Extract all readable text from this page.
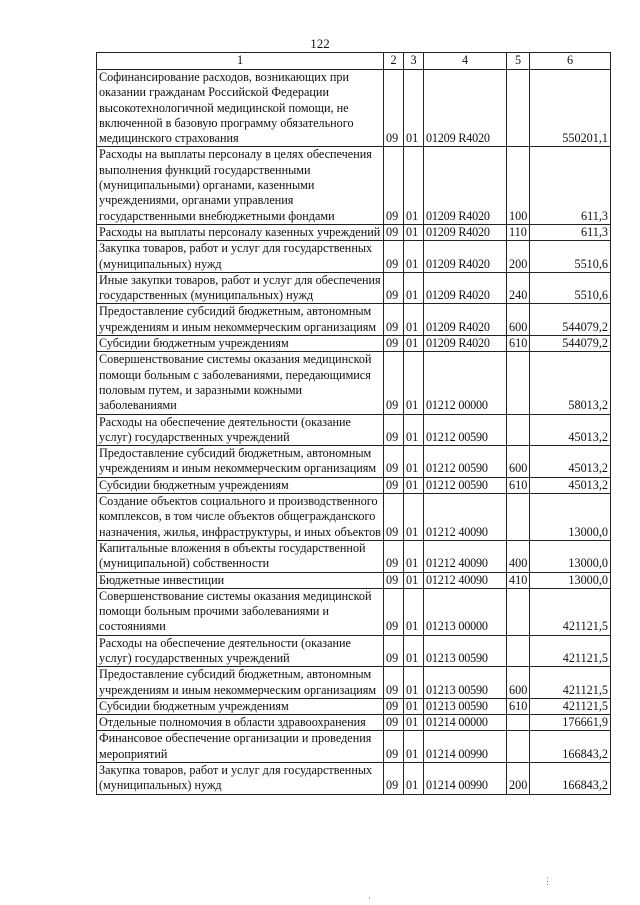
122
1	2	3	4	5	6
Софинансирование расходов, возникающих при оказании гражданам Российской Федерации высокотехнологичной медицинской помощи, не включенной в базовую программу обязательного медицинского страхования	09	01	01209 R4020		550201,1
Расходы на выплаты персоналу в целях обеспечения выполнения функций государственными (муниципальными) органами, казенными учреждениями, органами управления государственными внебюджетными фондами	09	01	01209 R4020	100	611,3
Расходы на выплаты персоналу казенных учреждений	09	01	01209 R4020	110	611,3
Закупка товаров, работ и услуг для государственных (муниципальных) нужд	09	01	01209 R4020	200	5510,6
Иные закупки товаров, работ и услуг для обеспечения государственных (муниципальных) нужд	09	01	01209 R4020	240	5510,6
Предоставление субсидий бюджетным, автономным учреждениям и иным некоммерческим организациям	09	01	01209 R4020	600	544079,2
Субсидии бюджетным учреждениям	09	01	01209 R4020	610	544079,2
Совершенствование системы оказания медицинской помощи больным с заболеваниями, передающимися половым путем, и заразными кожными заболеваниями	09	01	01212 00000		58013,2
Расходы на обеспечение деятельности (оказание услуг) государственных учреждений	09	01	01212 00590		45013,2
Предоставление субсидий бюджетным, автономным учреждениям и иным некоммерческим организациям	09	01	01212 00590	600	45013,2
Субсидии бюджетным учреждениям	09	01	01212 00590	610	45013,2
Создание объектов социального и производственного комплексов, в том числе объектов общегражданского назначения, жилья, инфраструктуры, и иных объектов	09	01	01212 40090		13000,0
Капитальные вложения в объекты государственной (муниципальной) собственности	09	01	01212 40090	400	13000,0
Бюджетные инвестиции	09	01	01212 40090	410	13000,0
Совершенствование системы оказания медицинской помощи больным прочими заболеваниями и состояниями	09	01	01213 00000		421121,5
Расходы на обеспечение деятельности (оказание услуг) государственных учреждений	09	01	01213 00590		421121,5
Предоставление субсидий бюджетным, автономным учреждениям и иным некоммерческим организациям	09	01	01213 00590	600	421121,5
Субсидии бюджетным учреждениям	09	01	01213 00590	610	421121,5
Отдельные полномочия в области здравоохранения	09	01	01214 00000		176661,9
Финансовое обеспечение организации и проведения мероприятий	09	01	01214 00990		166843,2
Закупка товаров, работ и услуг для государственных (муниципальных) нужд	09	01	01214 00990	200	166843,2
⋮
·
